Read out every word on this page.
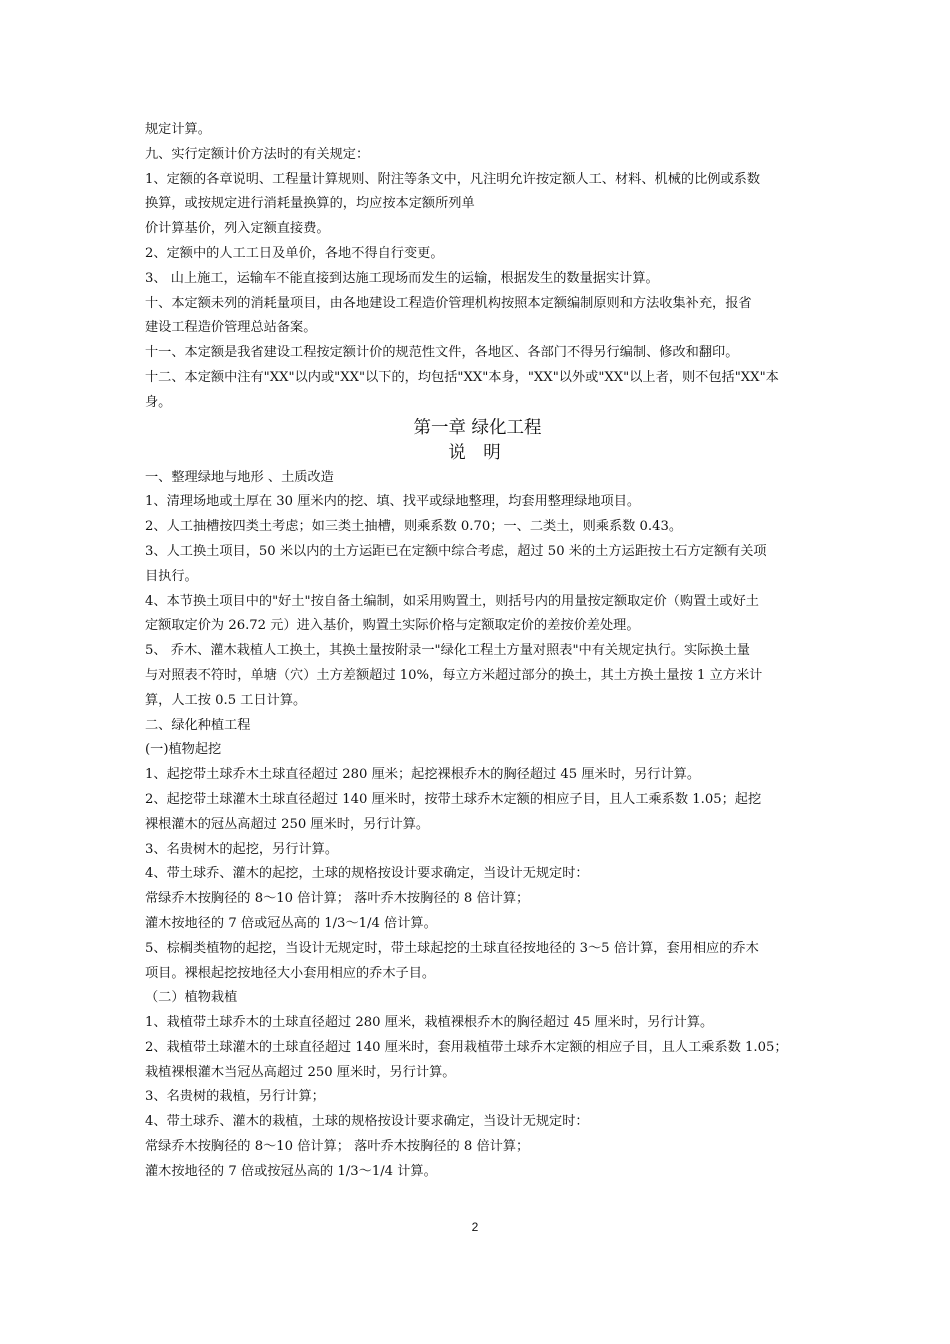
规定计算。

九、实行定额计价方法时的有关规定：

1、定额的各章说明、工程量计算规则、附注等条文中，凡注明允许按定额人工、材料、机械的比例或系数

换算，或按规定进行消耗量换算的，均应按本定额所列单

价计算基价，列入定额直接费。

2、定额中的人工工日及单价，各地不得自行变更。

3、 山上施工，运输车不能直接到达施工现场而发生的运输，根据发生的数量据实计算。

十、本定额未列的消耗量项目，由各地建设工程造价管理机构按照本定额编制原则和方法收集补充，报省

建设工程造价管理总站备案。

十一、本定额是我省建设工程按定额计价的规范性文件，各地区、各部门不得另行编制、修改和翻印。

十二、本定额中注有"XX"以内或"XX"以下的，均包括"XX"本身，"XX"以外或"XX"以上者，则不包括"XX"本

身。

第一章 绿化工程
说 明

一、整理绿地与地形 、土质改造

1、清理场地或土厚在 30 厘米内的挖、填、找平或绿地整理，均套用整理绿地项目。

2、人工抽槽按四类土考虑；如三类土抽槽，则乘系数 0.70；一、二类土，则乘系数 0.43。

3、人工换土项目，50 米以内的土方运距已在定额中综合考虑，超过 50 米的土方运距按土石方定额有关项

目执行。

4、本节换土项目中的"好土"按自备土编制，如采用购置土，则括号内的用量按定额取定价（购置土或好土

定额取定价为 26.72 元）进入基价，购置土实际价格与定额取定价的差按价差处理。

5、 乔木、灌木栽植人工换土，其换土量按附录一"绿化工程土方量对照表"中有关规定执行。实际换土量

与对照表不符时，单塘（穴）土方差额超过 10%，每立方米超过部分的换土，其土方换土量按 1 立方米计

算，人工按 0.5 工日计算。

二、绿化种植工程

(一)植物起挖

1、起挖带土球乔木土球直径超过 280 厘米；起挖裸根乔木的胸径超过 45 厘米时，另行计算。

2、起挖带土球灌木土球直径超过 140 厘米时，按带土球乔木定额的相应子目，且人工乘系数 1.05；起挖

裸根灌木的冠丛高超过 250 厘米时，另行计算。

3、名贵树木的起挖，另行计算。

4、带土球乔、灌木的起挖，土球的规格按设计要求确定，当设计无规定时：

常绿乔木按胸径的 8～10 倍计算； 落叶乔木按胸径的 8 倍计算；

灌木按地径的 7 倍或冠丛高的 1/3～1/4 倍计算。

5、棕榈类植物的起挖，当设计无规定时，带土球起挖的土球直径按地径的 3～5 倍计算，套用相应的乔木

项目。裸根起挖按地径大小套用相应的乔木子目。

（二）植物栽植

1、栽植带土球乔木的土球直径超过 280 厘米，栽植裸根乔木的胸径超过 45 厘米时，另行计算。

2、栽植带土球灌木的土球直径超过 140 厘米时，套用栽植带土球乔木定额的相应子目，且人工乘系数 1.05；

栽植裸根灌木当冠丛高超过 250 厘米时，另行计算。

3、名贵树的栽植，另行计算；

4、带土球乔、灌木的栽植，土球的规格按设计要求确定，当设计无规定时：

常绿乔木按胸径的 8～10 倍计算； 落叶乔木按胸径的 8 倍计算；

灌木按地径的 7 倍或按冠丛高的 1/3～1/4 计算。

2
